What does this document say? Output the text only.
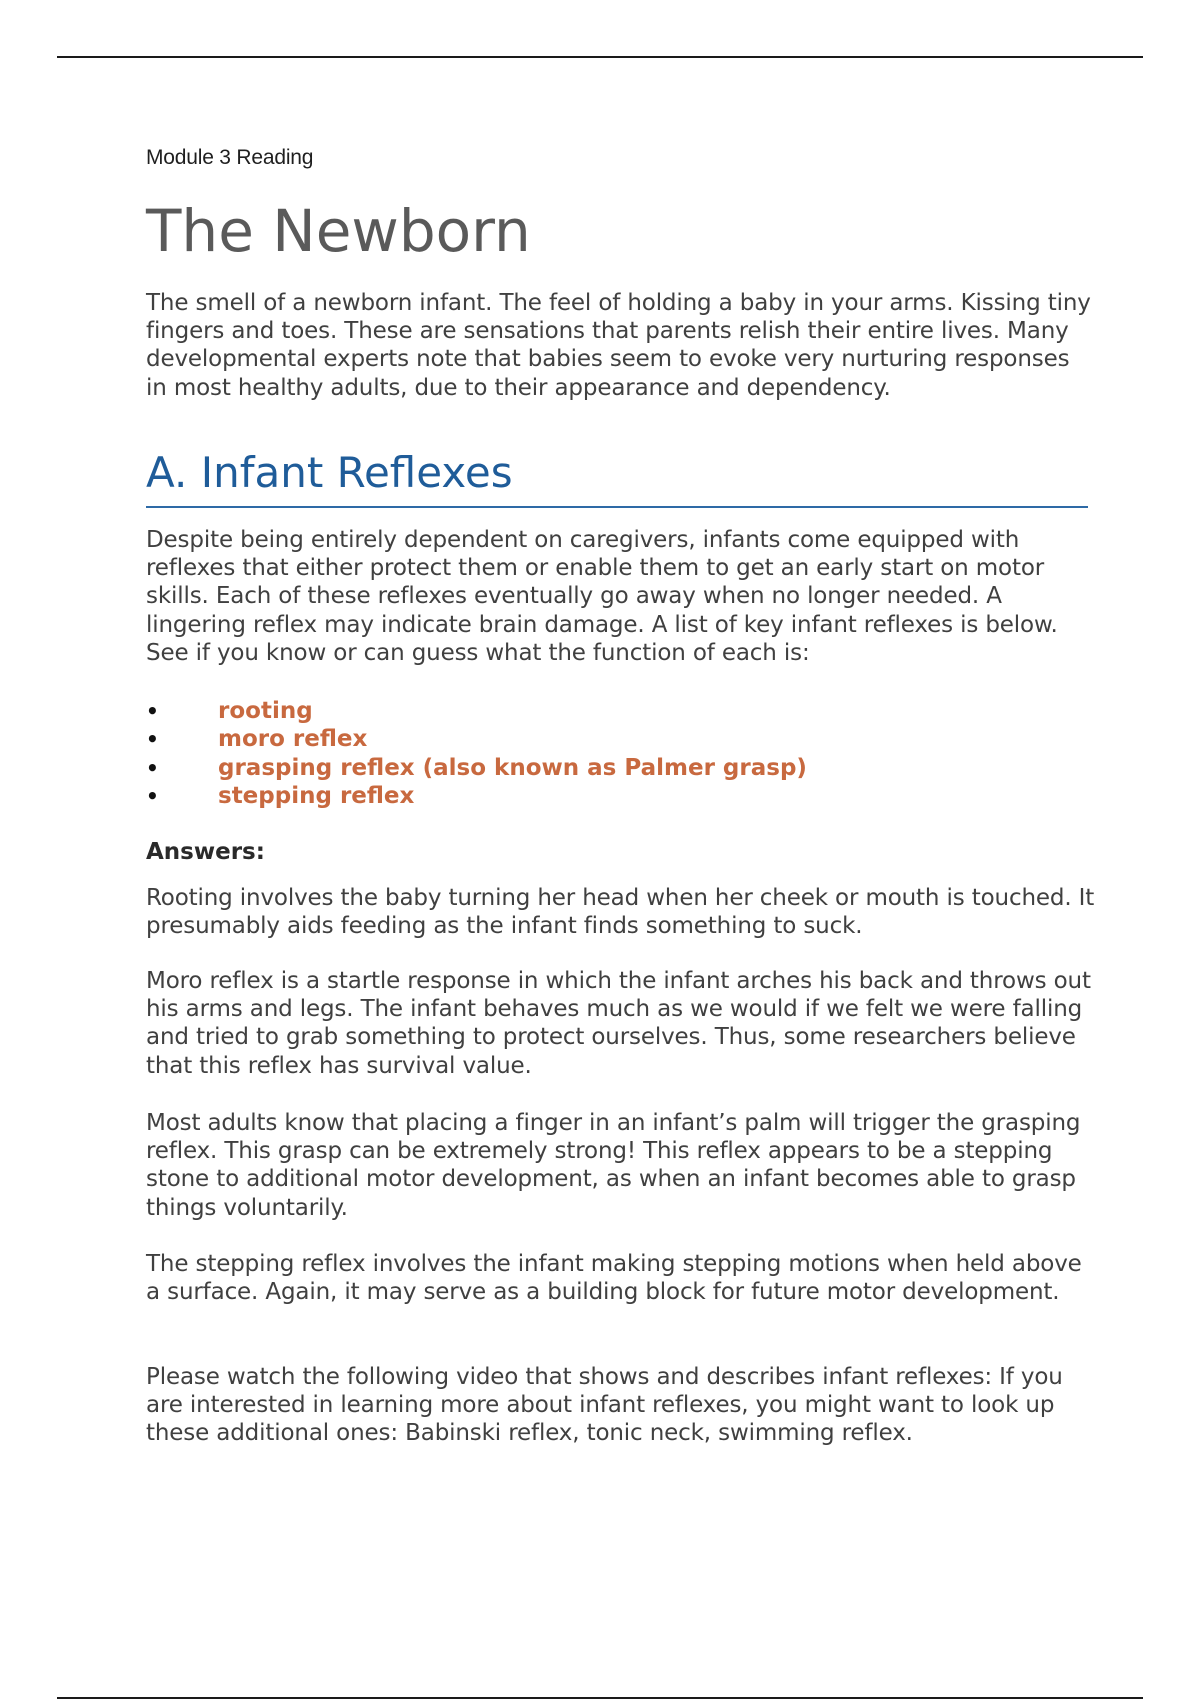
Module 3 Reading
The Newborn

The smell of a newborn infant. The feel of holding a baby in your arms. Kissing tiny fingers and toes. These are sensations that parents relish their entire lives. Many developmental experts note that babies seem to evoke very nurturing responses in most healthy adults, due to their appearance and dependency.

A. Infant Reflexes

Despite being entirely dependent on caregivers, infants come equipped with reflexes that either protect them or enable them to get an early start on motor skills. Each of these reflexes eventually go away when no longer needed. A lingering reflex may indicate brain damage. A list of key infant reflexes is below. See if you know or can guess what the function of each is:

•	rooting
•	moro reflex
•	grasping reflex (also known as Palmer grasp)
•	stepping reflex

Answers:

Rooting involves the baby turning her head when her cheek or mouth is touched. It presumably aids feeding as the infant finds something to suck.

Moro reflex is a startle response in which the infant arches his back and throws out his arms and legs. The infant behaves much as we would if we felt we were falling and tried to grab something to protect ourselves. Thus, some researchers believe that this reflex has survival value.

Most adults know that placing a finger in an infant’s palm will trigger the grasping reflex. This grasp can be extremely strong! This reflex appears to be a stepping stone to additional motor development, as when an infant becomes able to grasp things voluntarily.

The stepping reflex involves the infant making stepping motions when held above a surface. Again, it may serve as a building block for future motor development.

Please watch the following video that shows and describes infant reflexes: If you are interested in learning more about infant reflexes, you might want to look up these additional ones: Babinski reflex, tonic neck, swimming reflex.
